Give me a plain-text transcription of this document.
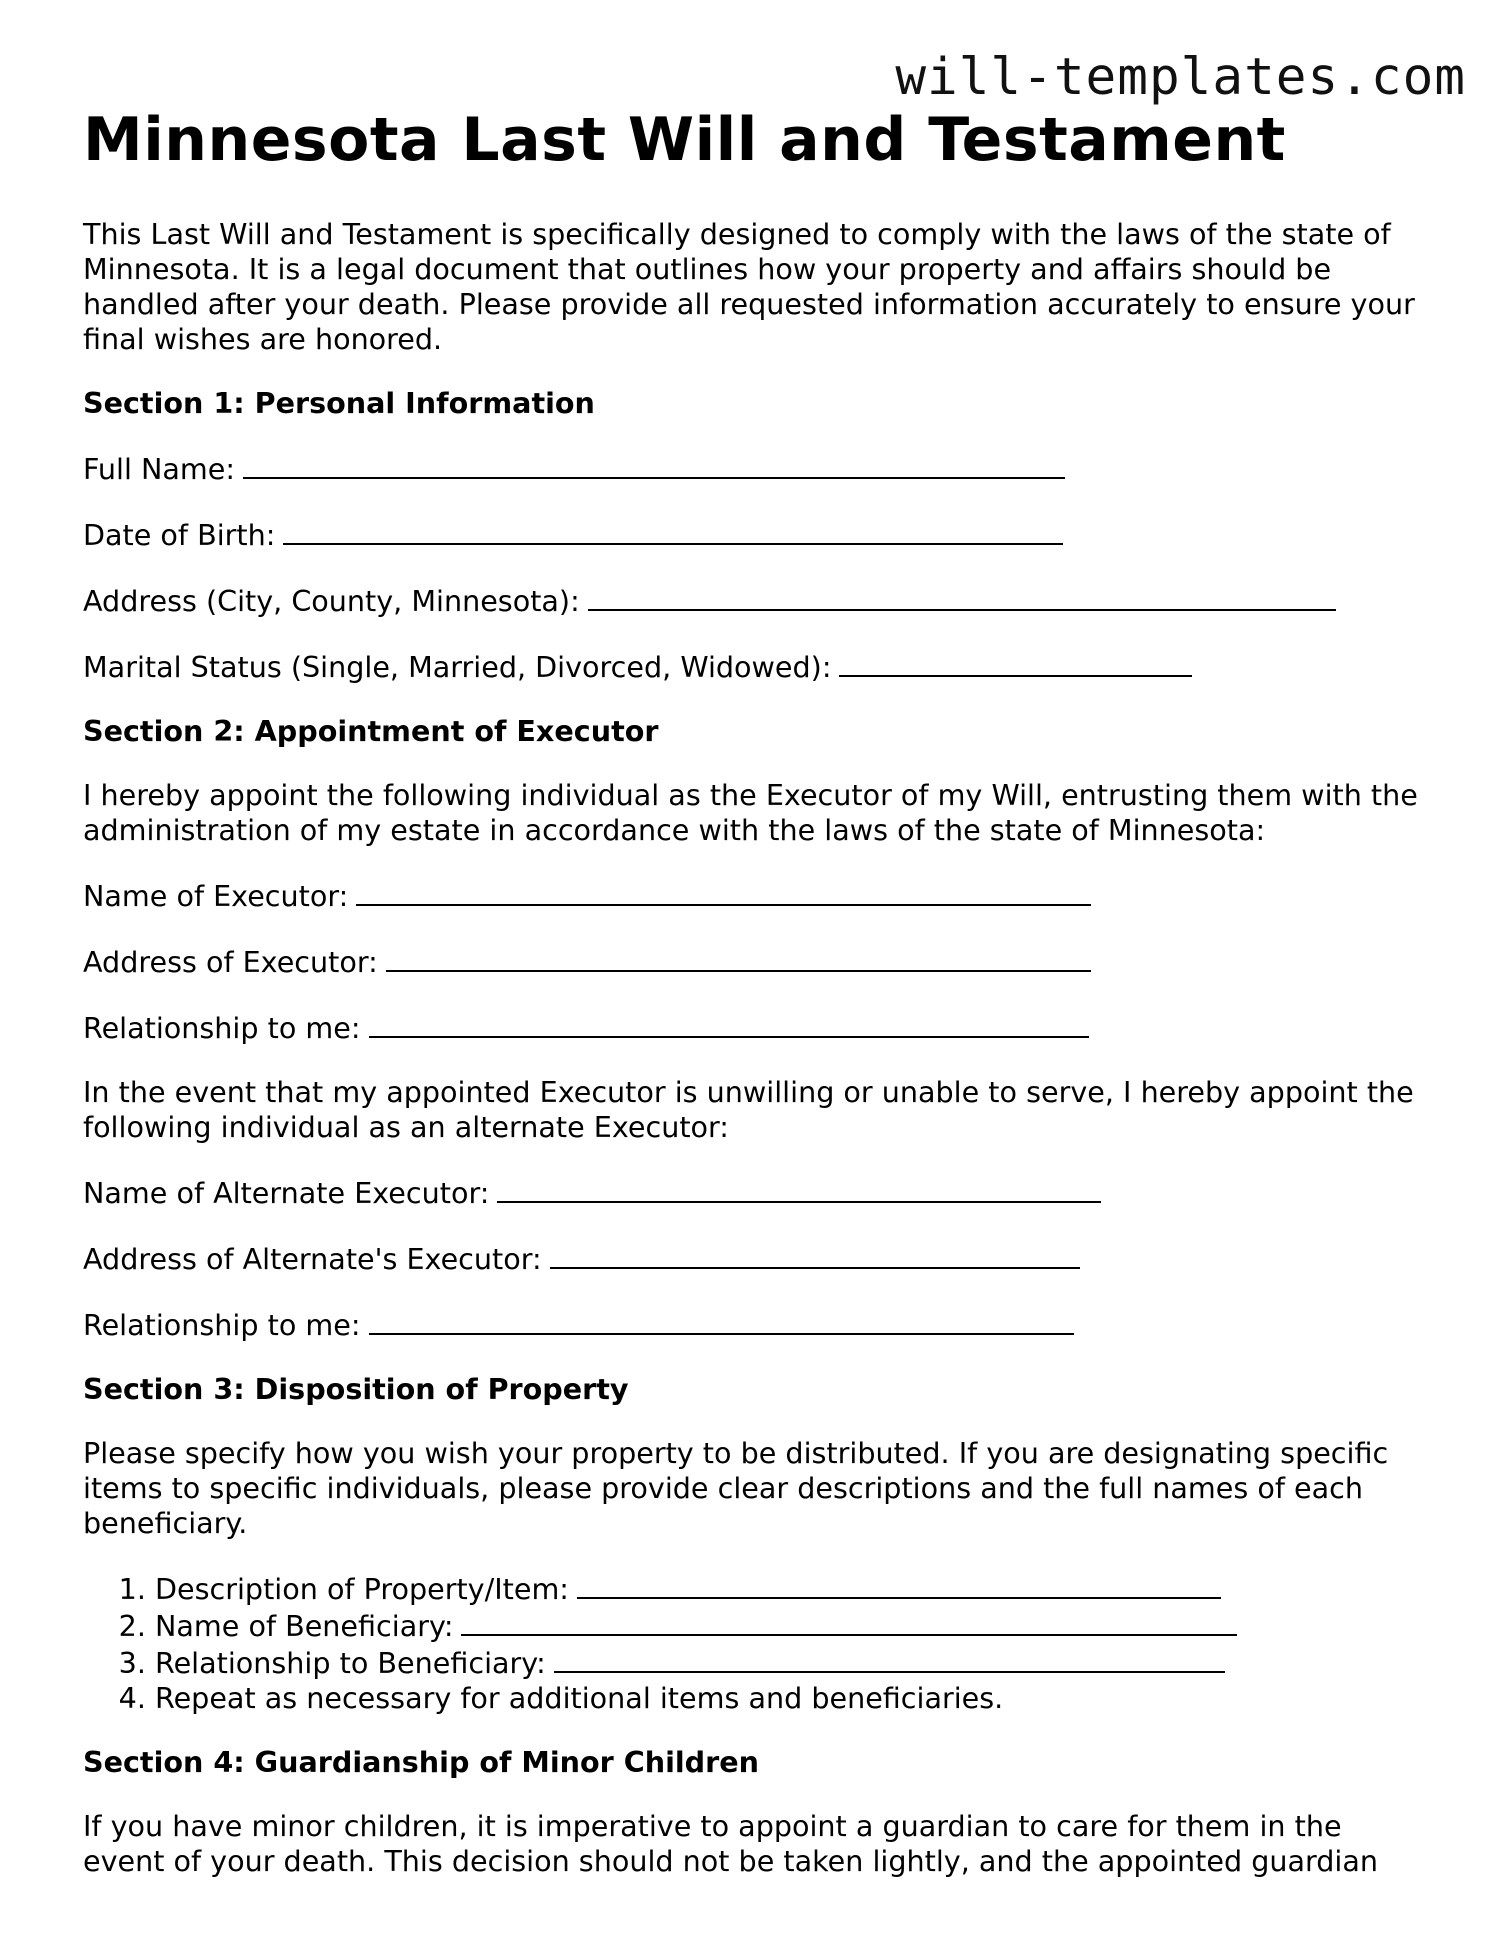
will-templates.com
Minnesota Last Will and Testament

This Last Will and Testament is specifically designed to comply with the laws of the state of Minnesota. It is a legal document that outlines how your property and affairs should be handled after your death. Please provide all requested information accurately to ensure your final wishes are honored.

Section 1: Personal Information
Full Name:
Date of Birth:
Address (City, County, Minnesota):
Marital Status (Single, Married, Divorced, Widowed):
Section 2: Appointment of Executor

I hereby appoint the following individual as the Executor of my Will, entrusting them with the administration of my estate in accordance with the laws of the state of Minnesota:

Name of Executor:
Address of Executor:
Relationship to me:

In the event that my appointed Executor is unwilling or unable to serve, I hereby appoint the following individual as an alternate Executor:

Name of Alternate Executor:
Address of Alternate's Executor:
Relationship to me:
Section 3: Disposition of Property

Please specify how you wish your property to be distributed. If you are designating specific items to specific individuals, please provide clear descriptions and the full names of each beneficiary.

1. Description of Property/Item:
2. Name of Beneficiary:
3. Relationship to Beneficiary:
4. Repeat as necessary for additional items and beneficiaries.
Section 4: Guardianship of Minor Children

If you have minor children, it is imperative to appoint a guardian to care for them in the event of your death. This decision should not be taken lightly, and the appointed guardian
